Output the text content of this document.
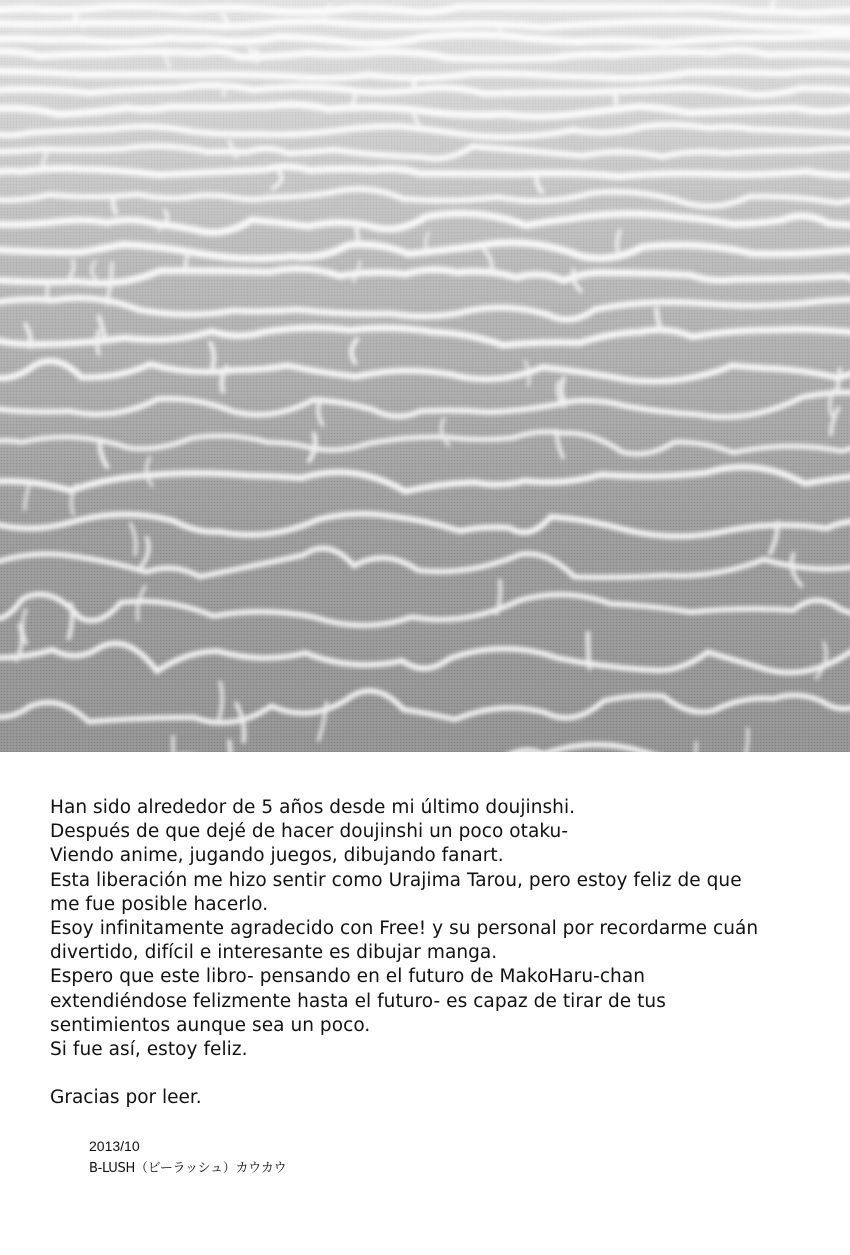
Han sido alrededor de 5 años desde mi último doujinshi.
Después de que dejé de hacer doujinshi un poco otaku-
Viendo anime, jugando juegos, dibujando fanart.
Esta liberación me hizo sentir como Urajima Tarou, pero estoy feliz de que
me fue posible hacerlo.
Esoy infinitamente agradecido con Free! y su personal por recordarme cuán
divertido, difícil e interesante es dibujar manga.
Espero que este libro- pensando en el futuro de MakoHaru-chan
extendiéndose felizmente hasta el futuro- es capaz de tirar de tus
sentimientos aunque sea un poco.
Si fue así, estoy feliz.
Gracias por leer.
2013/10
B-LUSH（ビーラッシュ）カウカウ
